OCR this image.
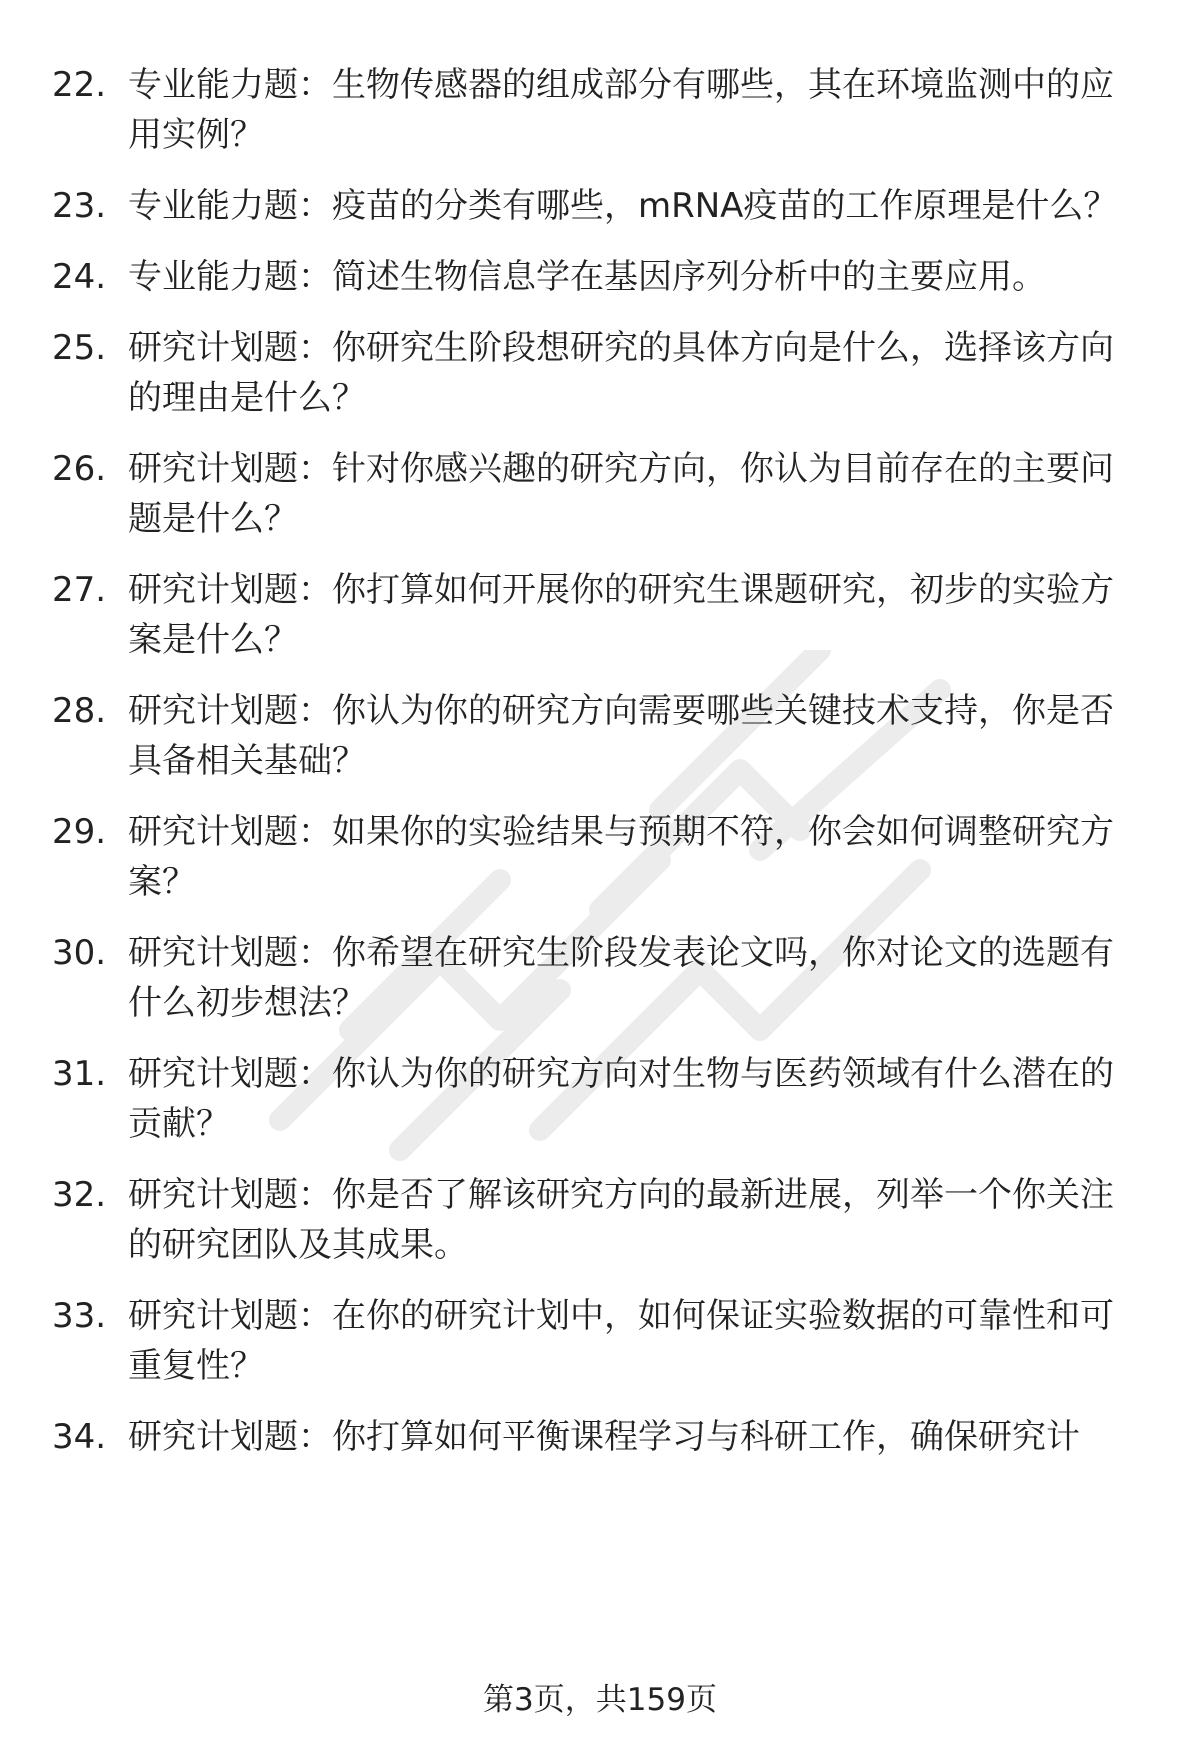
22. 专业能力题：生物传感器的组成部分有哪些，其在环境监测中的应用实例？
23. 专业能力题：疫苗的分类有哪些，mRNA疫苗的工作原理是什么？
24. 专业能力题：简述生物信息学在基因序列分析中的主要应用。
25. 研究计划题：你研究生阶段想研究的具体方向是什么，选择该方向的理由是什么？
26. 研究计划题：针对你感兴趣的研究方向，你认为目前存在的主要问题是什么？
27. 研究计划题：你打算如何开展你的研究生课题研究，初步的实验方案是什么？
28. 研究计划题：你认为你的研究方向需要哪些关键技术支持，你是否具备相关基础？
29. 研究计划题：如果你的实验结果与预期不符，你会如何调整研究方案？
30. 研究计划题：你希望在研究生阶段发表论文吗，你对论文的选题有什么初步想法？
31. 研究计划题：你认为你的研究方向对生物与医药领域有什么潜在的贡献？
32. 研究计划题：你是否了解该研究方向的最新进展，列举一个你关注的研究团队及其成果。
33. 研究计划题：在你的研究计划中，如何保证实验数据的可靠性和可重复性？
34. 研究计划题：你打算如何平衡课程学习与科研工作，确保研究计
第3页，共159页
